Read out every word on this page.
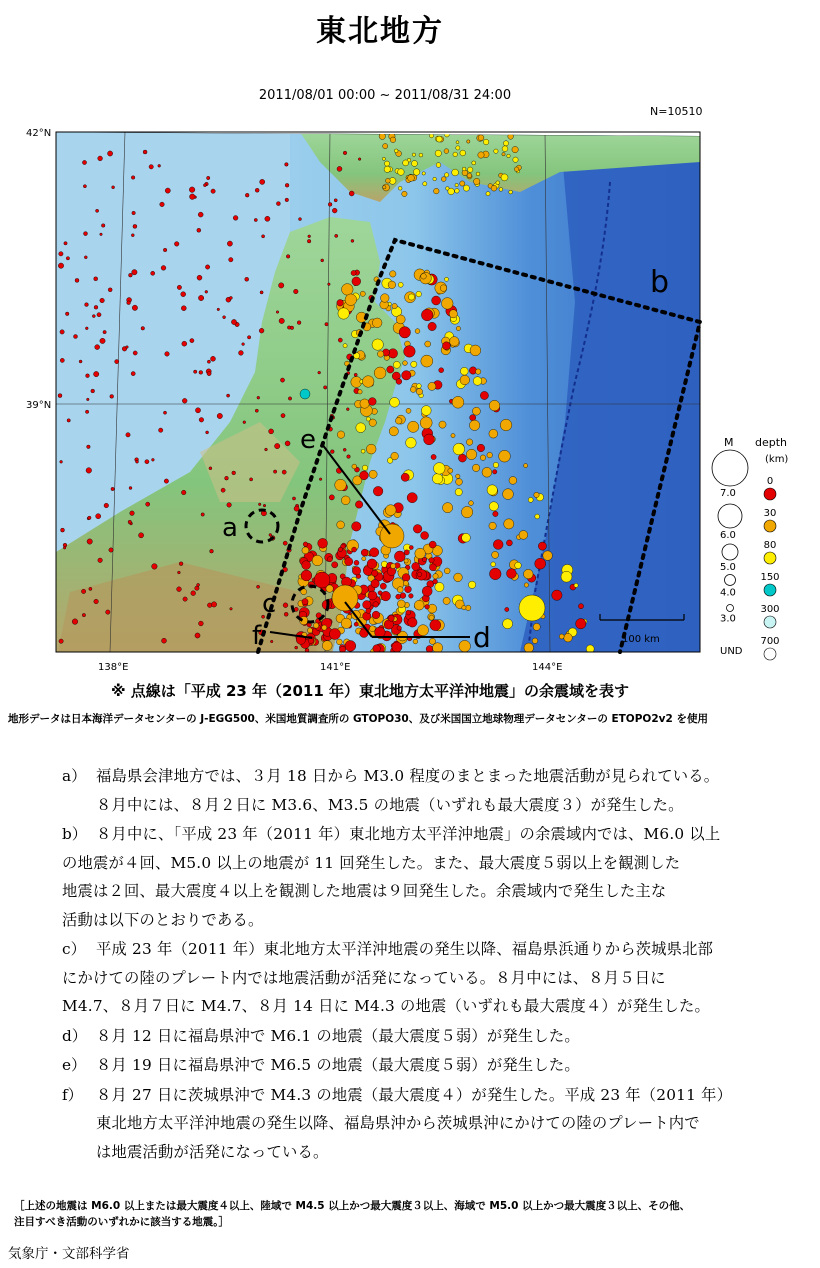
東北地方
2011/08/01 00:00 ~ 2011/08/31 24:00
N=10510
a
b
c
d
e
f	100 km
42°N
39°N
138°E	141°E	144°E
M depth
(km)
7.0
6.0
5.0
4.0
3.0
UND
0
30
80
150
300
700
※ 点線は「平成 23 年（2011 年）東北地方太平洋沖地震」の余震域を表す
地形データは日本海洋データセンターの J-EGG500、米国地質調査所の GTOPO30、及び米国国立地球物理データセンターの ETOPO2v2 を使用
a） 福島県会津地方では、３月 18 日から M3.0 程度のまとまった地震活動が見られている。
８月中には、８月２日に M3.6、M3.5 の地震（いずれも最大震度３）が発生した。
b） ８月中に、「平成 23 年（2011 年）東北地方太平洋沖地震」の余震域内では、M6.0 以上
の地震が４回、M5.0 以上の地震が 11 回発生した。また、最大震度５弱以上を観測した
地震は２回、最大震度４以上を観測した地震は９回発生した。余震域内で発生した主な
活動は以下のとおりである。
c） 平成 23 年（2011 年）東北地方太平洋沖地震の発生以降、福島県浜通りから茨城県北部
にかけての陸のプレート内では地震活動が活発になっている。８月中には、８月５日に
M4.7、８月７日に M4.7、８月 14 日に M4.3 の地震（いずれも最大震度４）が発生した。
d） ８月 12 日に福島県沖で M6.1 の地震（最大震度５弱）が発生した。
e） ８月 19 日に福島県沖で M6.5 の地震（最大震度５弱）が発生した。
f） ８月 27 日に茨城県沖で M4.3 の地震（最大震度４）が発生した。平成 23 年（2011 年）
東北地方太平洋沖地震の発生以降、福島県沖から茨城県沖にかけての陸のプレート内で
は地震活動が活発になっている。
［上述の地震は M6.0 以上または最大震度４以上、陸域で M4.5 以上かつ最大震度３以上、海域で M5.0 以上かつ最大震度３以上、その他、
注目すべき活動のいずれかに該当する地震。］
気象庁・文部科学省
